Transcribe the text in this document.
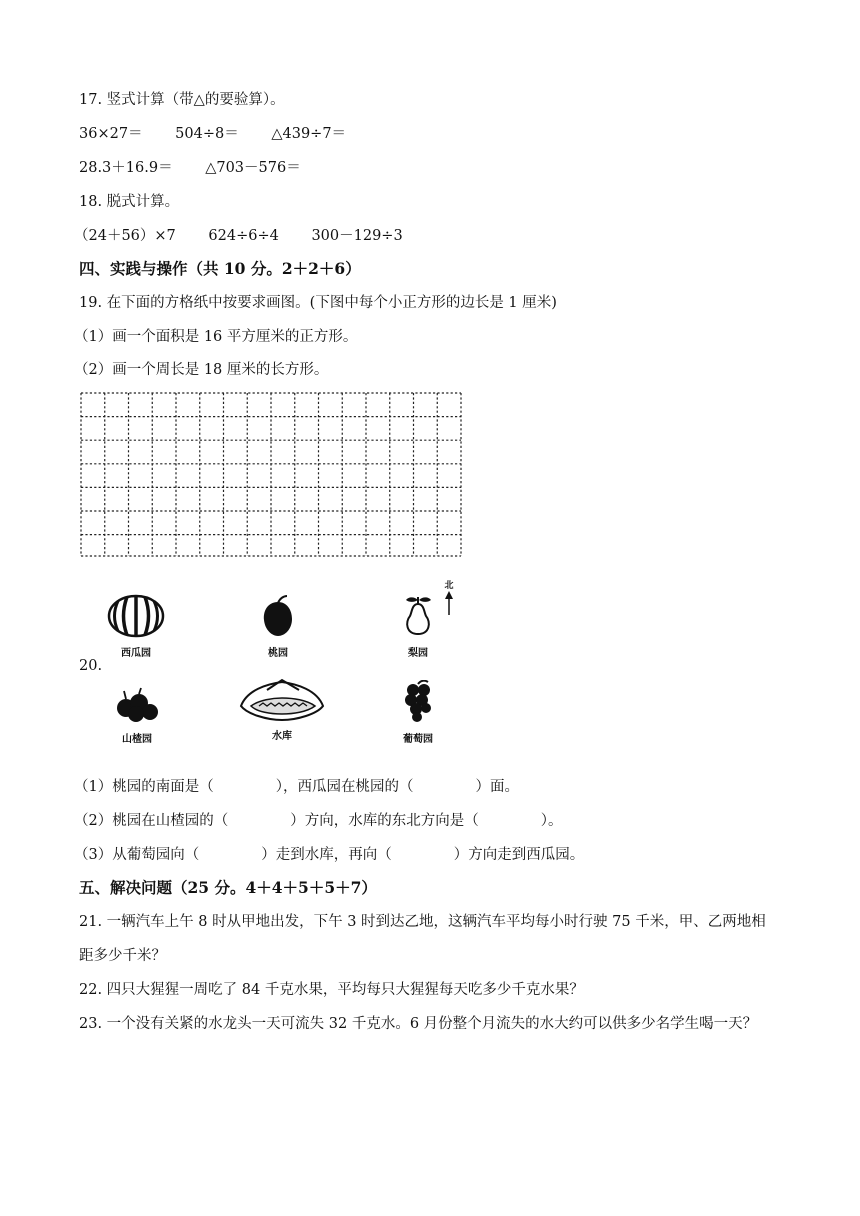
17. 竖式计算（带△的要验算）。
36×27＝ 504÷8＝ △439÷7＝
28.3＋16.9＝ △703－576＝
18. 脱式计算。
（24＋56）×7 624÷6÷4 300－129÷3
四、实践与操作（共 10 分。2＋2＋6）
19. 在下面的方格纸中按要求画图。(下图中每个小正方形的边长是 1 厘米)
（1）画一个面积是 16 平方厘米的正方形。
（2）画一个周长是 18 厘米的长方形。
20.
北
西瓜园	桃园	梨园
山楂园	水库	葡萄园
（1）桃园的南面是（	），西瓜园在桃园的（	）面。
（2）桃园在山楂园的（	）方向，水库的东北方向是（	）。
（3）从葡萄园向（	）走到水库，再向（	）方向走到西瓜园。
五、解决问题（25 分。4＋4＋5＋5＋7）
21. 一辆汽车上午 8 时从甲地出发，下午 3 时到达乙地，这辆汽车平均每小时行驶 75 千米，甲、乙两地相
距多少千米？
22. 四只大猩猩一周吃了 84 千克水果，平均每只大猩猩每天吃多少千克水果？
23. 一个没有关紧的水龙头一天可流失 32 千克水。6 月份整个月流失的水大约可以供多少名学生喝一天？
